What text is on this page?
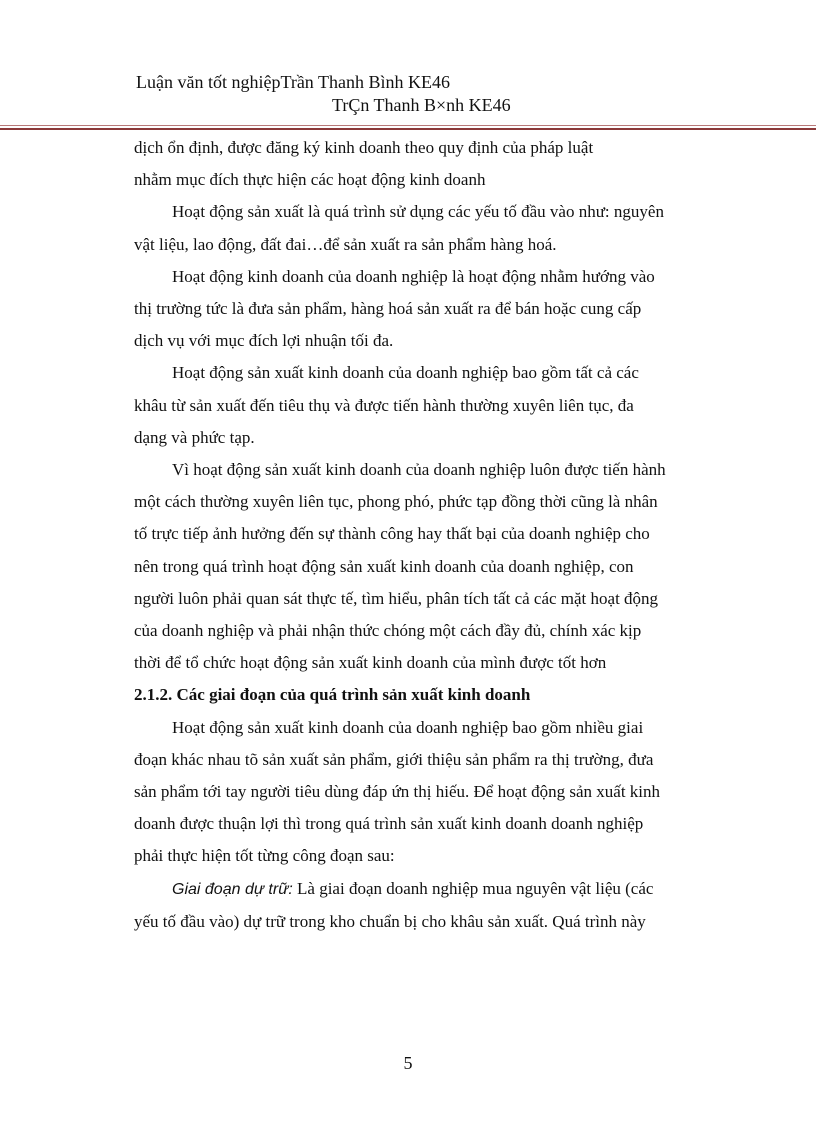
Luận văn tốt nghiệpTrần Thanh Bình KE46
TrÇn Thanh B×nh KE46

dịch ổn định, được đăng ký kinh doanh theo quy định của pháp luật
nhằm mục đích thực hiện các hoạt động kinh doanh

Hoạt động sản xuất là quá trình sử dụng các yếu tố đầu vào như: nguyên
vật liệu, lao động, đất đai…để sản xuất ra sản phẩm hàng hoá.

Hoạt động kinh doanh của doanh nghiệp là hoạt động nhằm hướng vào
thị trường tức là đưa sản phẩm, hàng hoá sản xuất ra để bán hoặc cung cấp
dịch vụ với mục đích lợi nhuận tối đa.

Hoạt động sản xuất kinh doanh của doanh nghiệp bao gồm tất cả các
khâu từ sản xuất đến tiêu thụ và được tiến hành thường xuyên liên tục, đa
dạng và phức tạp.

Vì hoạt động sản xuất kinh doanh của doanh nghiệp luôn được tiến hành
một cách thường xuyên liên tục, phong phó, phức tạp đồng thời cũng là nhân
tố trực tiếp ảnh hưởng đến sự thành công hay thất bại của doanh nghiệp cho
nên trong quá trình hoạt động sản xuất kinh doanh của doanh nghiệp, con
người luôn phải quan sát thực tế, tìm hiểu, phân tích tất cả các mặt hoạt động
của doanh nghiệp và phải nhận thức chóng một cách đầy đủ, chính xác kịp
thời để tổ chức hoạt động sản xuất kinh doanh của mình được tốt hơn

2.1.2. Các giai đoạn của quá trình sản xuất kinh doanh

Hoạt động sản xuất kinh doanh của doanh nghiệp bao gồm nhiều giai
đoạn khác nhau tõ sản xuất sản phẩm, giới thiệu sản phẩm ra thị trường, đưa
sản phẩm tới tay người tiêu dùng đáp ứn thị hiếu. Để hoạt động sản xuất kinh
doanh được thuận lợi thì trong quá trình sản xuất kinh doanh doanh nghiệp
phải thực hiện tốt từng công đoạn sau:

Giai đoạn dự trữ: Là giai đoạn doanh nghiệp mua nguyên vật liệu (các
yếu tố đầu vào) dự trữ trong kho chuẩn bị cho khâu sản xuất. Quá trình này

5
